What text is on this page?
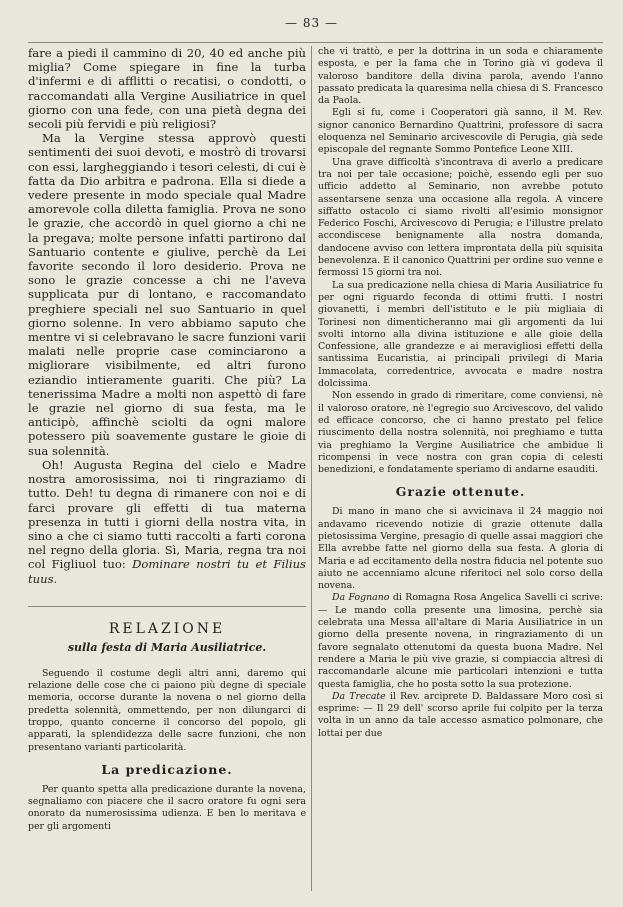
— 83 —

fare a piedi il cammino di 20, 40 ed anche più miglia? Come spiegare in fine la turba d'infermi e di afflitti o recatisi, o condotti, o raccomandati alla Vergine Ausiliatrice in quel giorno con una fede, con una pietà degna dei secoli più fervidi e più religiosi?

Ma la Vergine stessa approvò questi sentimenti dei suoi devoti, e mostrò di trovarsi con essi, largheggiando i tesori celesti, di cui è fatta da Dio arbitra e padrona. Ella si diede a vedere presente in modo speciale qual Madre amorevole colla diletta famiglia. Prova ne sono le grazie, che accordò in quel giorno a chi ne la pregava; molte persone infatti partirono dal Santuario contente e giulive, perchè da Lei favorite secondo il loro desiderio. Prova ne sono le grazie concesse a chi ne l'aveva supplicata pur di lontano, e raccomandato preghiere speciali nel suo Santuario in quel giorno solenne. In vero abbiamo saputo che mentre vi si celebravano le sacre funzioni varii malati nelle proprie case cominciarono a migliorare visibilmente, ed altri furono eziandio intieramente guariti. Che più? La tenerissima Madre a molti non aspettò di fare le grazie nel giorno di sua festa, ma le anticipò, affinchè sciolti da ogni malore potessero più soavemente gustare le gioie di sua solennità.

Oh! Augusta Regina del cielo e Madre nostra amorosissima, noi ti ringraziamo di tutto. Deh! tu degna di rimanere con noi e di farci provare gli effetti di tua materna presenza in tutti i giorni della nostra vita, in sino a che ci siamo tutti raccolti a farti corona nel regno della gloria. Sì, Maria, regna tra noi col Figliuol tuo: Dominare nostri tu et Filius tuus.

RELAZIONE
sulla festa di Maria Ausiliatrice.

Seguendo il costume degli altri anni, daremo qui relazione delle cose che ci paiono più degne di speciale memoria, occorse durante la novena o nel giorno della predetta solennità, ommettendo, per non dilungarci di troppo, quanto concerne il concorso del popolo, gli apparati, la splendidezza delle sacre funzioni, che non presentano varianti particolarità.

La predicazione.

Per quanto spetta alla predicazione durante la novena, segnaliamo con piacere che il sacro oratore fu ogni sera onorato da numerosissima udienza. E ben lo meritava e per gli argomenti

che vi trattò, e per la dottrina in un soda e chiaramente esposta, e per la fama che in Torino già vi godeva il valoroso banditore della divina parola, avendo l'anno passato predicata la quaresima nella chiesa di S. Francesco da Paola.

Egli si fu, come i Cooperatori già sanno, il M. Rev. signor canonico Bernardino Quattrini, professore di sacra eloquenza nel Seminario arcivescovile di Perugia, già sede episcopale del regnante Sommo Pontefice Leone XIII.

Una grave difficoltà s'incontrava di averlo a predicare tra noi per tale occasione; poichè, essendo egli per suo ufficio addetto al Seminario, non avrebbe potuto assentarsene senza una occasione alla regola. A vincere siffatto ostacolo ci siamo rivolti all'esimio monsignor Federico Foschi, Arcivescovo di Perugia; e l'illustre prelato accondiscese benignamente alla nostra domanda, dandocene avviso con lettera improntata della più squisita benevolenza. E il canonico Quattrini per ordine suo venne e fermossi 15 giorni tra noi.

La sua predicazione nella chiesa di Maria Ausiliatrice fu per ogni riguardo feconda di ottimi frutti. I nostri giovanetti, i membri dell'istituto e le più migliaia di Torinesi non dimenticheranno mai gli argomenti da lui svolti intorno alla divina istituzione e alle gioie della Confessione, alle grandezze e ai meravigliosi effetti della santissima Eucaristia, ai principali privilegi di Maria Immacolata, corredentrice, avvocata e madre nostra dolcissima.

Non essendo in grado di rimeritare, come conviensi, nè il valoroso oratore, nè l'egregio suo Arcivescovo, del valido ed efficace concorso, che ci hanno prestato pel felice riuscimento della nostra solennità, noi preghiamo e tutta via preghiamo la Vergine Ausiliatrice che ambidue li ricompensi in vece nostra con gran copia di celesti benedizioni, e fondatamente speriamo di andarne esauditi.

Grazie ottenute.

Di mano in mano che si avvicinava il 24 maggio noi andavamo ricevendo notizie di grazie ottenute dalla pietosissima Vergine, presagio di quelle assai maggiori che Ella avrebbe fatte nel giorno della sua festa. A gloria di Maria e ad eccitamento della nostra fiducia nel potente suo aiuto ne accenniamo alcune riferitoci nel solo corso della novena.

Da Fognano di Romagna Rosa Angelica Savelli ci scrive: — Le mando colla presente una limosina, perchè sia celebrata una Messa all'altare di Maria Ausiliatrice in un giorno della presente novena, in ringraziamento di un favore segnalato ottenutomi da questa buona Madre. Nel rendere a Maria le più vive grazie, si compiaccia altresì di raccomandarle alcune mie particolari intenzioni e tutta questa famiglia, che ho posta sotto la sua protezione.

Da Trecate il Rev. arciprete D. Baldassare Moro così si esprime: — Il 29 dell' scorso aprile fui colpito per la terza volta in un anno da tale accesso asmatico polmonare, che lottai per due
